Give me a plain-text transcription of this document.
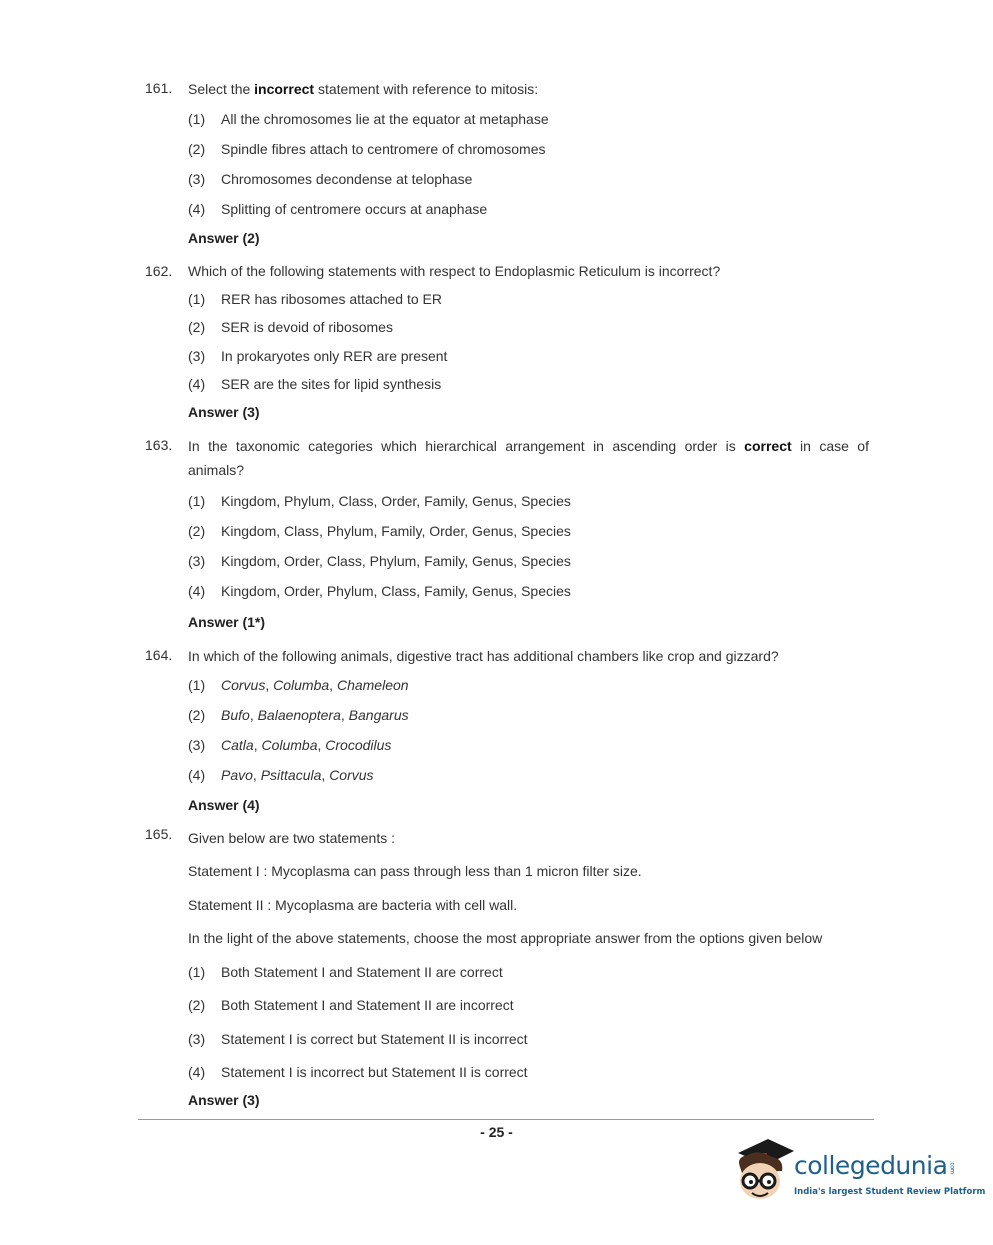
161. Select the incorrect statement with reference to mitosis:
(1) All the chromosomes lie at the equator at metaphase
(2) Spindle fibres attach to centromere of chromosomes
(3) Chromosomes decondense at telophase
(4) Splitting of centromere occurs at anaphase
Answer (2)
162. Which of the following statements with respect to Endoplasmic Reticulum is incorrect?
(1) RER has ribosomes attached to ER
(2) SER is devoid of ribosomes
(3) In prokaryotes only RER are present
(4) SER are the sites for lipid synthesis
Answer (3)
163. In the taxonomic categories which hierarchical arrangement in ascending order is correct in case of
animals?
(1) Kingdom, Phylum, Class, Order, Family, Genus, Species
(2) Kingdom, Class, Phylum, Family, Order, Genus, Species
(3) Kingdom, Order, Class, Phylum, Family, Genus, Species
(4) Kingdom, Order, Phylum, Class, Family, Genus, Species
Answer (1*)
164. In which of the following animals, digestive tract has additional chambers like crop and gizzard?
(1) Corvus, Columba, Chameleon
(2) Bufo, Balaenoptera, Bangarus
(3) Catla, Columba, Crocodilus
(4) Pavo, Psittacula, Corvus
Answer (4)
165. Given below are two statements :
Statement I : Mycoplasma can pass through less than 1 micron filter size.
Statement II : Mycoplasma are bacteria with cell wall.
In the light of the above statements, choose the most appropriate answer from the options given below
(1) Both Statement I and Statement II are correct
(2) Both Statement I and Statement II are incorrect
(3) Statement I is correct but Statement II is incorrect
(4) Statement I is incorrect but Statement II is correct
Answer (3)
- 25 -
collegedunia.com
India's largest Student Review Platform
